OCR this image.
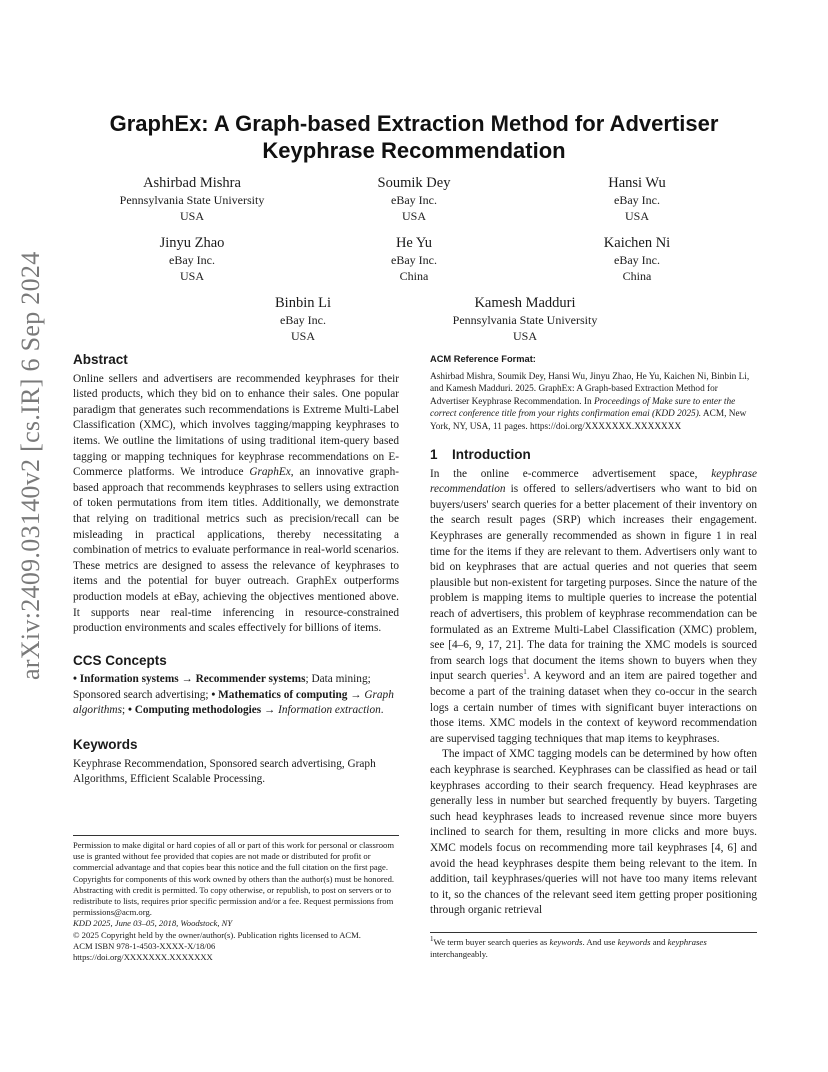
arXiv:2409.03140v2 [cs.IR] 6 Sep 2024
GraphEx: A Graph-based Extraction Method for Advertiser Keyphrase Recommendation
Ashirbad Mishra
Pennsylvania State University
USA
Soumik Dey
eBay Inc.
USA
Hansi Wu
eBay Inc.
USA
Jinyu Zhao
eBay Inc.
USA
He Yu
eBay Inc.
China
Kaichen Ni
eBay Inc.
China
Binbin Li
eBay Inc.
USA
Kamesh Madduri
Pennsylvania State University
USA
Abstract

Online sellers and advertisers are recommended keyphrases for their listed products, which they bid on to enhance their sales. One popular paradigm that generates such recommendations is Extreme Multi-Label Classification (XMC), which involves tagging/mapping keyphrases to items. We outline the limitations of using traditional item-query based tagging or mapping techniques for keyphrase recommendations on E-Commerce platforms. We introduce GraphEx, an innovative graph-based approach that recommends keyphrases to sellers using extraction of token permutations from item titles. Additionally, we demonstrate that relying on traditional metrics such as precision/recall can be misleading in practical applications, thereby necessitating a combination of metrics to evaluate performance in real-world scenarios. These metrics are designed to assess the relevance of keyphrases to items and the potential for buyer outreach. GraphEx outperforms production models at eBay, achieving the objectives mentioned above. It supports near real-time inferencing in resource-constrained production environments and scales effectively for billions of items.

CCS Concepts

• Information systems → Recommender systems; Data mining; Sponsored search advertising; • Mathematics of computing → Graph algorithms; • Computing methodologies → Information extraction.

Keywords

Keyphrase Recommendation, Sponsored search advertising, Graph Algorithms, Efficient Scalable Processing.

Permission to make digital or hard copies of all or part of this work for personal or classroom use is granted without fee provided that copies are not made or distributed for profit or commercial advantage and that copies bear this notice and the full citation on the first page. Copyrights for components of this work owned by others than the author(s) must be honored. Abstracting with credit is permitted. To copy otherwise, or republish, to post on servers or to redistribute to lists, requires prior specific permission and/or a fee. Request permissions from permissions@acm.org.

KDD 2025, June 03–05, 2018, Woodstock, NY

© 2025 Copyright held by the owner/author(s). Publication rights licensed to ACM.

ACM ISBN 978-1-4503-XXXX-X/18/06

https://doi.org/XXXXXXX.XXXXXXX

ACM Reference Format:

Ashirbad Mishra, Soumik Dey, Hansi Wu, Jinyu Zhao, He Yu, Kaichen Ni, Binbin Li, and Kamesh Madduri. 2025. GraphEx: A Graph-based Extraction Method for Advertiser Keyphrase Recommendation. In Proceedings of Make sure to enter the correct conference title from your rights confirmation emai (KDD 2025). ACM, New York, NY, USA, 11 pages. https://doi.org/XXXXXXX.XXXXXXX

1 Introduction

In the online e-commerce advertisement space, keyphrase recommendation is offered to sellers/advertisers who want to bid on buyers/users' search queries for a better placement of their inventory on the search result pages (SRP) which increases their engagement. Keyphrases are generally recommended as shown in figure 1 in real time for the items if they are relevant to them. Advertisers only want to bid on keyphrases that are actual queries and not queries that seem plausible but non-existent for targeting purposes. Since the nature of the problem is mapping items to multiple queries to increase the potential reach of advertisers, this problem of keyphrase recommendation can be formulated as an Extreme Multi-Label Classification (XMC) problem, see [4–6, 9, 17, 21]. The data for training the XMC models is sourced from search logs that document the items shown to buyers when they input search queries$^1$. A keyword and an item are paired together and become a part of the training dataset when they co-occur in the search logs a certain number of times with significant buyer interactions on those items. XMC models in the context of keyword recommendation are supervised tagging techniques that map items to keyphrases.

The impact of XMC tagging models can be determined by how often each keyphrase is searched. Keyphrases can be classified as head or tail keyphrases according to their search frequency. Head keyphrases are generally less in number but searched frequently by buyers. Targeting such head keyphrases leads to increased revenue since more buyers inclined to search for them, resulting in more clicks and more buys. XMC models focus on recommending more tail keyphrases [4, 6] and avoid the head keyphrases despite them being relevant to the item. In addition, tail keyphrases/queries will not have too many items relevant to it, so the chances of the relevant seed item getting proper positioning through organic retrieval

$^1$We term buyer search queries as keywords. And use keywords and keyphrases interchangeably.
